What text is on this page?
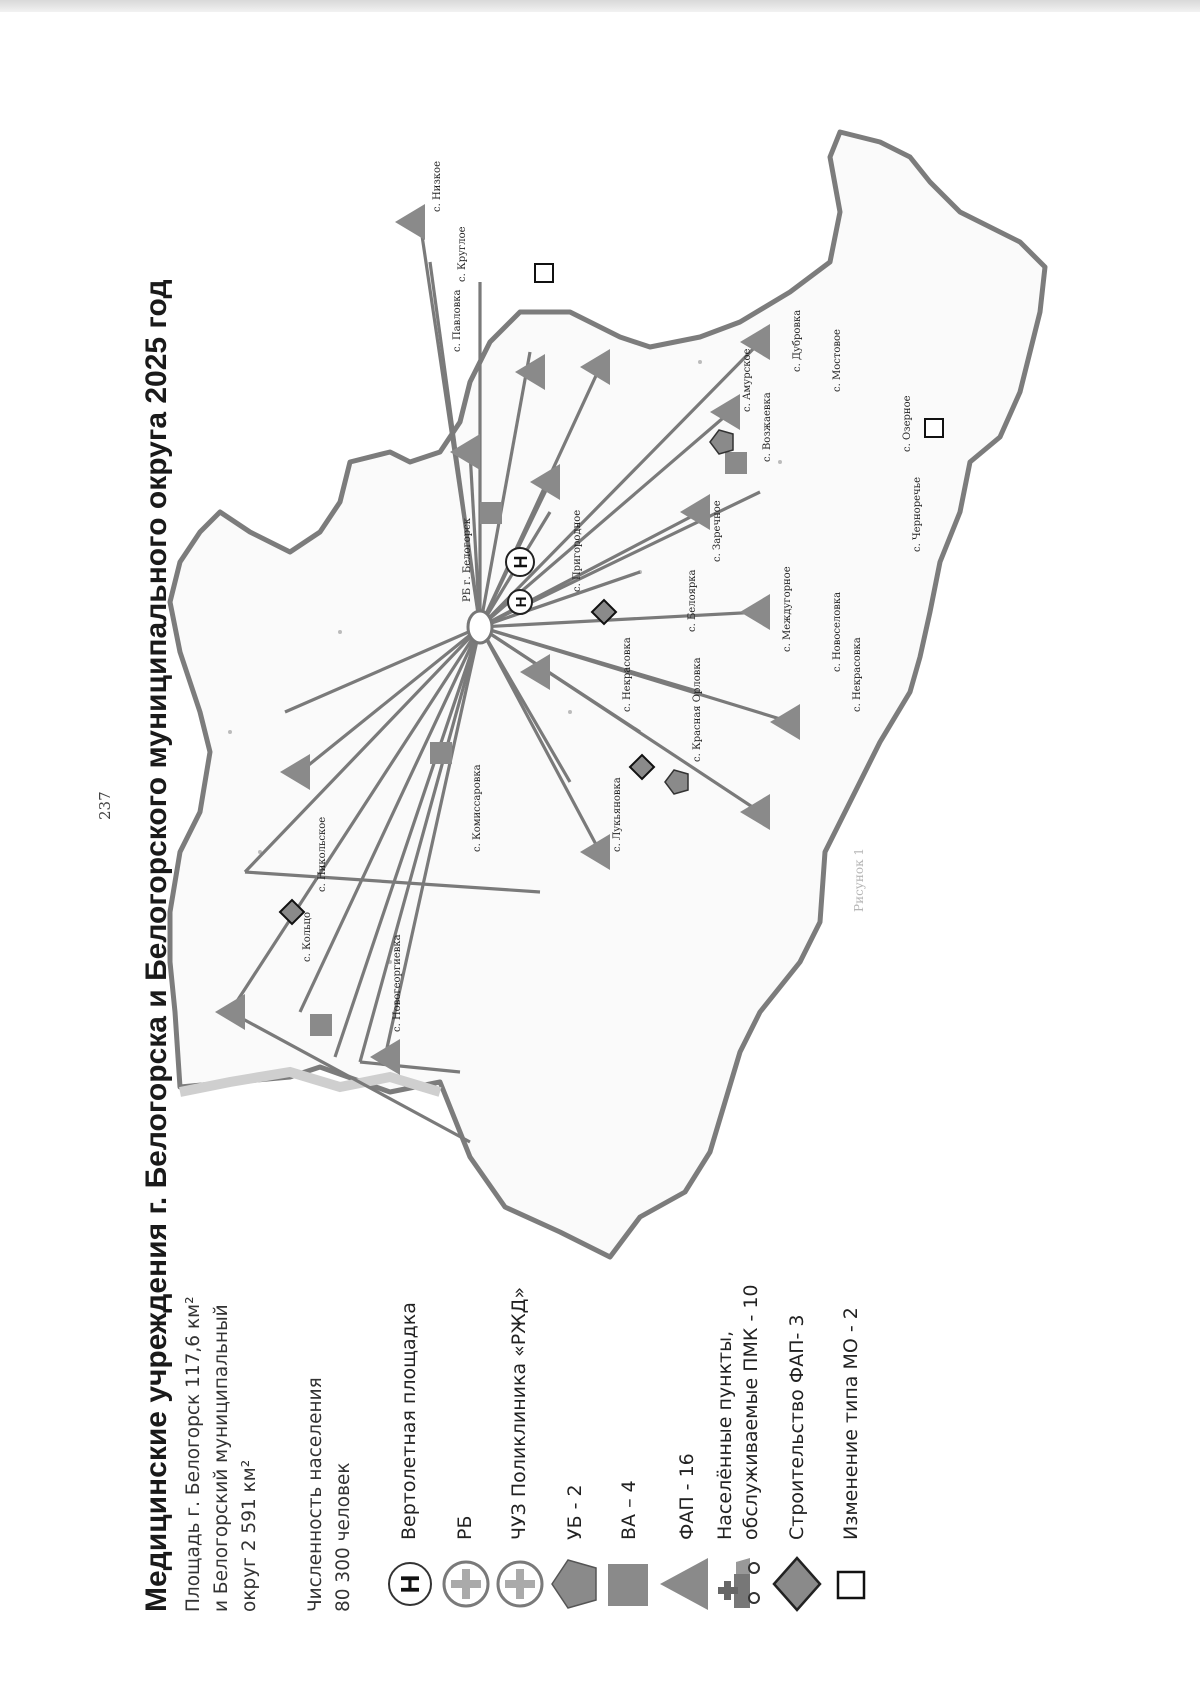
237 Медицинские учреждения г. Белогорска и Белогорского муниципального округа 2025 год Площадь г. Белогорск 117,6 км² и Белогорский муниципальный округ 2 591 км² Численность населения 80 300 человек H
Вертолетная площадка РБ ЧУЗ Поликлиника «РЖД» УБ - 2 ВА – 4 ФАП - 16 Населённые пункты, обслуживаемые ПМК - 10 Строительство ФАП- 3 Изменение типа МО - 2
РБ г. Белогорск H
H
с. Низкое
с. Круглое
с. Павловка
с. Некрасовка
с. Лукьяновка
с. Мостовое
с. Амурское
с. Возжаевка
с. Дубровка
с. Пригородное
с. Белоярка
с. Заречное
с. Озерное
с. Никольское
с. Новоселовка
с. Некрасовка
с. Междугорное
с. Красная Орловка
с. Комиссаровка
с. Новогеоргиевка
с. Кольцо
с. Черноречье
Рисунок 1
